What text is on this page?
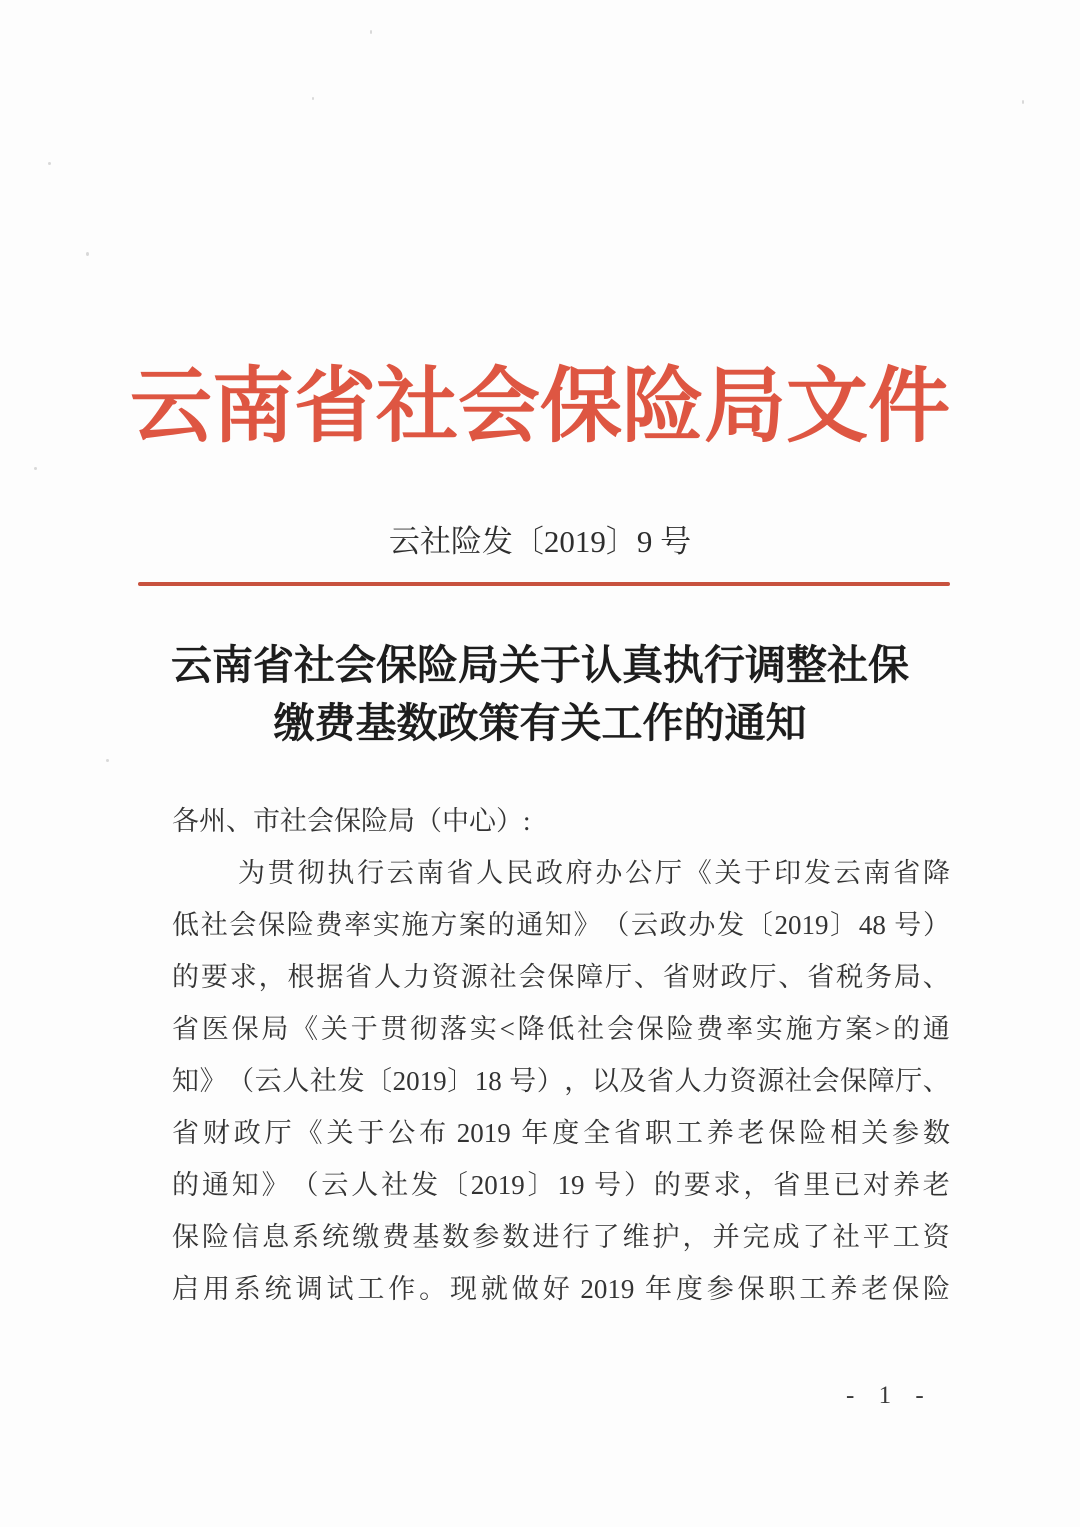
云南省社会保险局文件
云社险发〔2019〕9 号
云南省社会保险局关于认真执行调整社保
缴费基数政策有关工作的通知
各州、市社会保险局（中心）:
为 贯 彻 执 行 云 南 省 人 民 政 府 办 公 厅 《 关 于 印 发 云 南 省 降
低 社 会 保 险 费 率 实 施 方 案 的 通 知 》 （ 云 政 办 发 〔 2019 〕 48 号 ）
的 要 求 ， 根 据 省 人 力 资 源 社 会 保 障 厅 、 省 财 政 厅 、 省 税 务 局 、
省 医 保 局 《 关 于 贯 彻 落 实 < 降 低 社 会 保 险 费 率 实 施 方 案 > 的 通
知 》 （ 云 人 社 发 〔 2019 〕 18 号 ） ， 以 及 省 人 力 资 源 社 会 保 障 厅 、
省 财 政 厅 《 关 于 公 布 2019 年 度 全 省 职 工 养 老 保 险 相 关 参 数
的 通 知 》 （ 云 人 社 发 〔 2019 〕 19 号 ） 的 要 求 ， 省 里 已 对 养 老
保 险 信 息 系 统 缴 费 基 数 参 数 进 行 了 维 护 ， 并 完 成 了 社 平 工 资
启 用 系 统 调 试 工 作 。 现 就 做 好 2019 年 度 参 保 职 工 养 老 保 险
- 1 -
